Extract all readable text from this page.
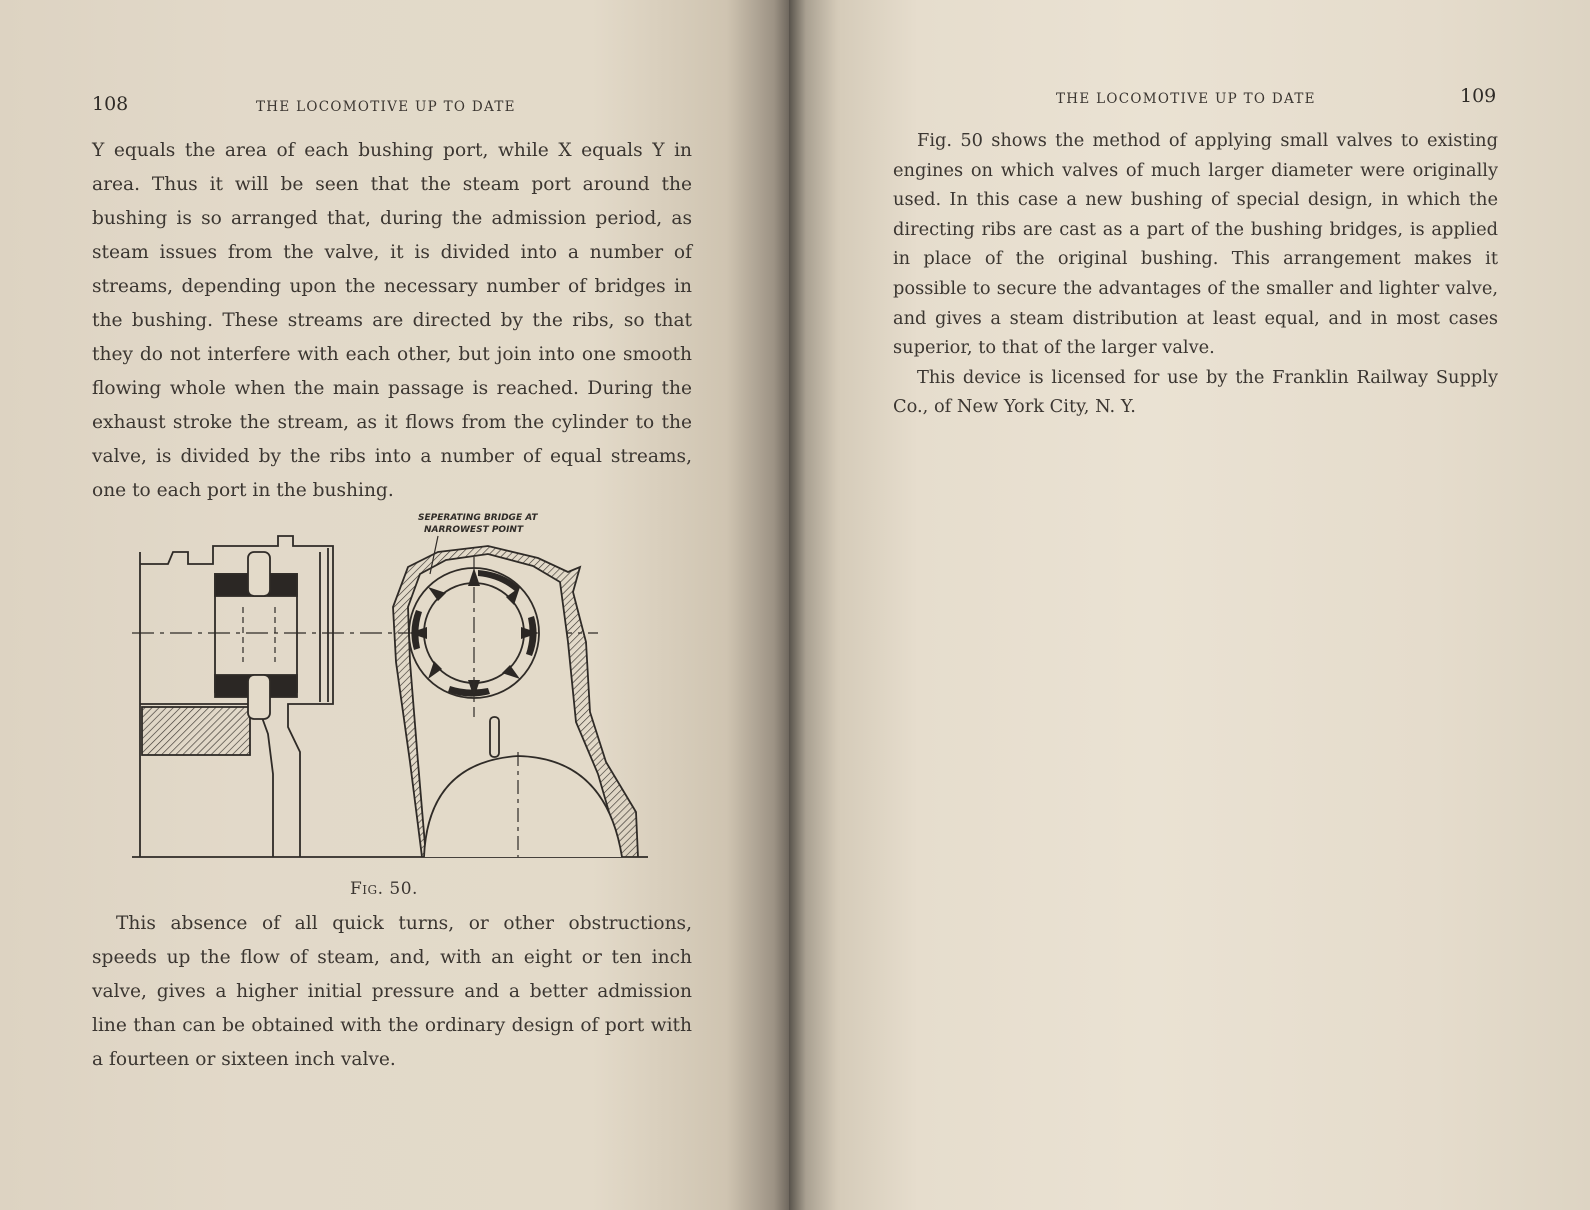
108	THE LOCOMOTIVE UP TO DATE

Y equals the area of each bushing port, while X equals Y in area. Thus it will be seen that the steam port around the bushing is so arranged that, during the admission period, as steam issues from the valve, it is divided into a number of streams, depending upon the necessary number of bridges in the bushing. These streams are directed by the ribs, so that they do not interfere with each other, but join into one smooth flowing whole when the main passage is reached. During the exhaust stroke the stream, as it flows from the cylinder to the valve, is divided by the ribs into a number of equal streams, one to each port in the bushing.

SEPERATING BRIDGE AT
NARROWEST POINT
Fig. 50.

This absence of all quick turns, or other obstructions, speeds up the flow of steam, and, with an eight or ten inch valve, gives a higher initial pressure and a better admission line than can be obtained with the ordinary design of port with a fourteen or sixteen inch valve.

THE LOCOMOTIVE UP TO DATE	109

Fig. 50 shows the method of applying small valves to existing engines on which valves of much larger diameter were originally used. In this case a new bushing of special design, in which the directing ribs are cast as a part of the bushing bridges, is applied in place of the original bushing. This arrangement makes it possible to secure the advantages of the smaller and lighter valve, and gives a steam distribution at least equal, and in most cases superior, to that of the larger valve.

This device is licensed for use by the Franklin Railway Supply Co., of New York City, N. Y.
